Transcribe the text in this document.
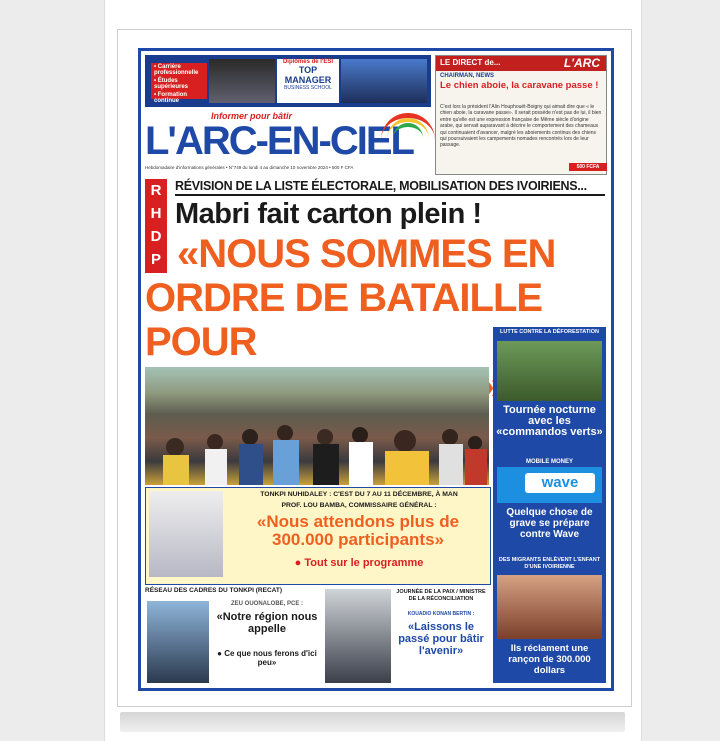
• Carrière professionnelle
• Études supérieures
• Formation continue
Diplômés de l'ESI
TOP MANAGER
BUSINESS SCHOOL
LE DIRECT de...	L'ARC
CHAIRMAN, NEWS
Le chien aboie, la caravane passe !
C'est lors la président l'Alin Houphouët-Boigny qui aimait dire que « le chien aboie, la caravane passe». Il serait posséde n'est pas de lui, il bien entre qu'elle est une expression française de Même siècle d'origine arabe, qui servait auparavant à décrire le comportement des chameaux qui continuaient d'avancer, malgré les aboiements continus des chiens qui poursuivaient les campements nomades rencontrés lors de leur passage.
Informer pour bâtir
L'ARC-EN-CIEL
Hebdomadaire d'informations générales • N°749 du lundi 4 au dimanche 10 novembre 2024 • 500 F CFA	500 FCFA
R
H
D
P
RÉVISION DE LA LISTE ÉLECTORALE, MOBILISATION DES IVOIRIENS...
Mabri fait carton plein !
«NOUS SOMMES EN
ORDRE DE BATAILLE POUR	LUTTE CONTRE LA DÉFORESTATION
Tournée nocturne avec les «commandos verts»
MOBILE MONEY
wave
Quelque chose de grave se prépare contre Wave
DES MIGRANTS ENLÈVENT L'ENFANT D'UNE IVOIRIENNE
Ils réclament une rançon de 300.000 dollars
TONKPI NUHIDALEY : C'EST DU 7 AU 11 DÉCEMBRE, À MAN
PROF. LOU BAMBA, COMMISSAIRE GÉNÉRAL :
«Nous attendons plus de 300.000 participants»
● Tout sur le programme
RÉSEAU DES CADRES DU TONKPI (RECAT)
ZEU OUONALOBE, PCE :
«Notre région nous appelle
● Ce que nous ferons d'ici peu»
JOURNÉE DE LA PAIX / MINISTRE DE LA RÉCONCILIATION
KOUADIO KONAN BERTIN :
«Laissons le passé pour bâtir l'avenir»
